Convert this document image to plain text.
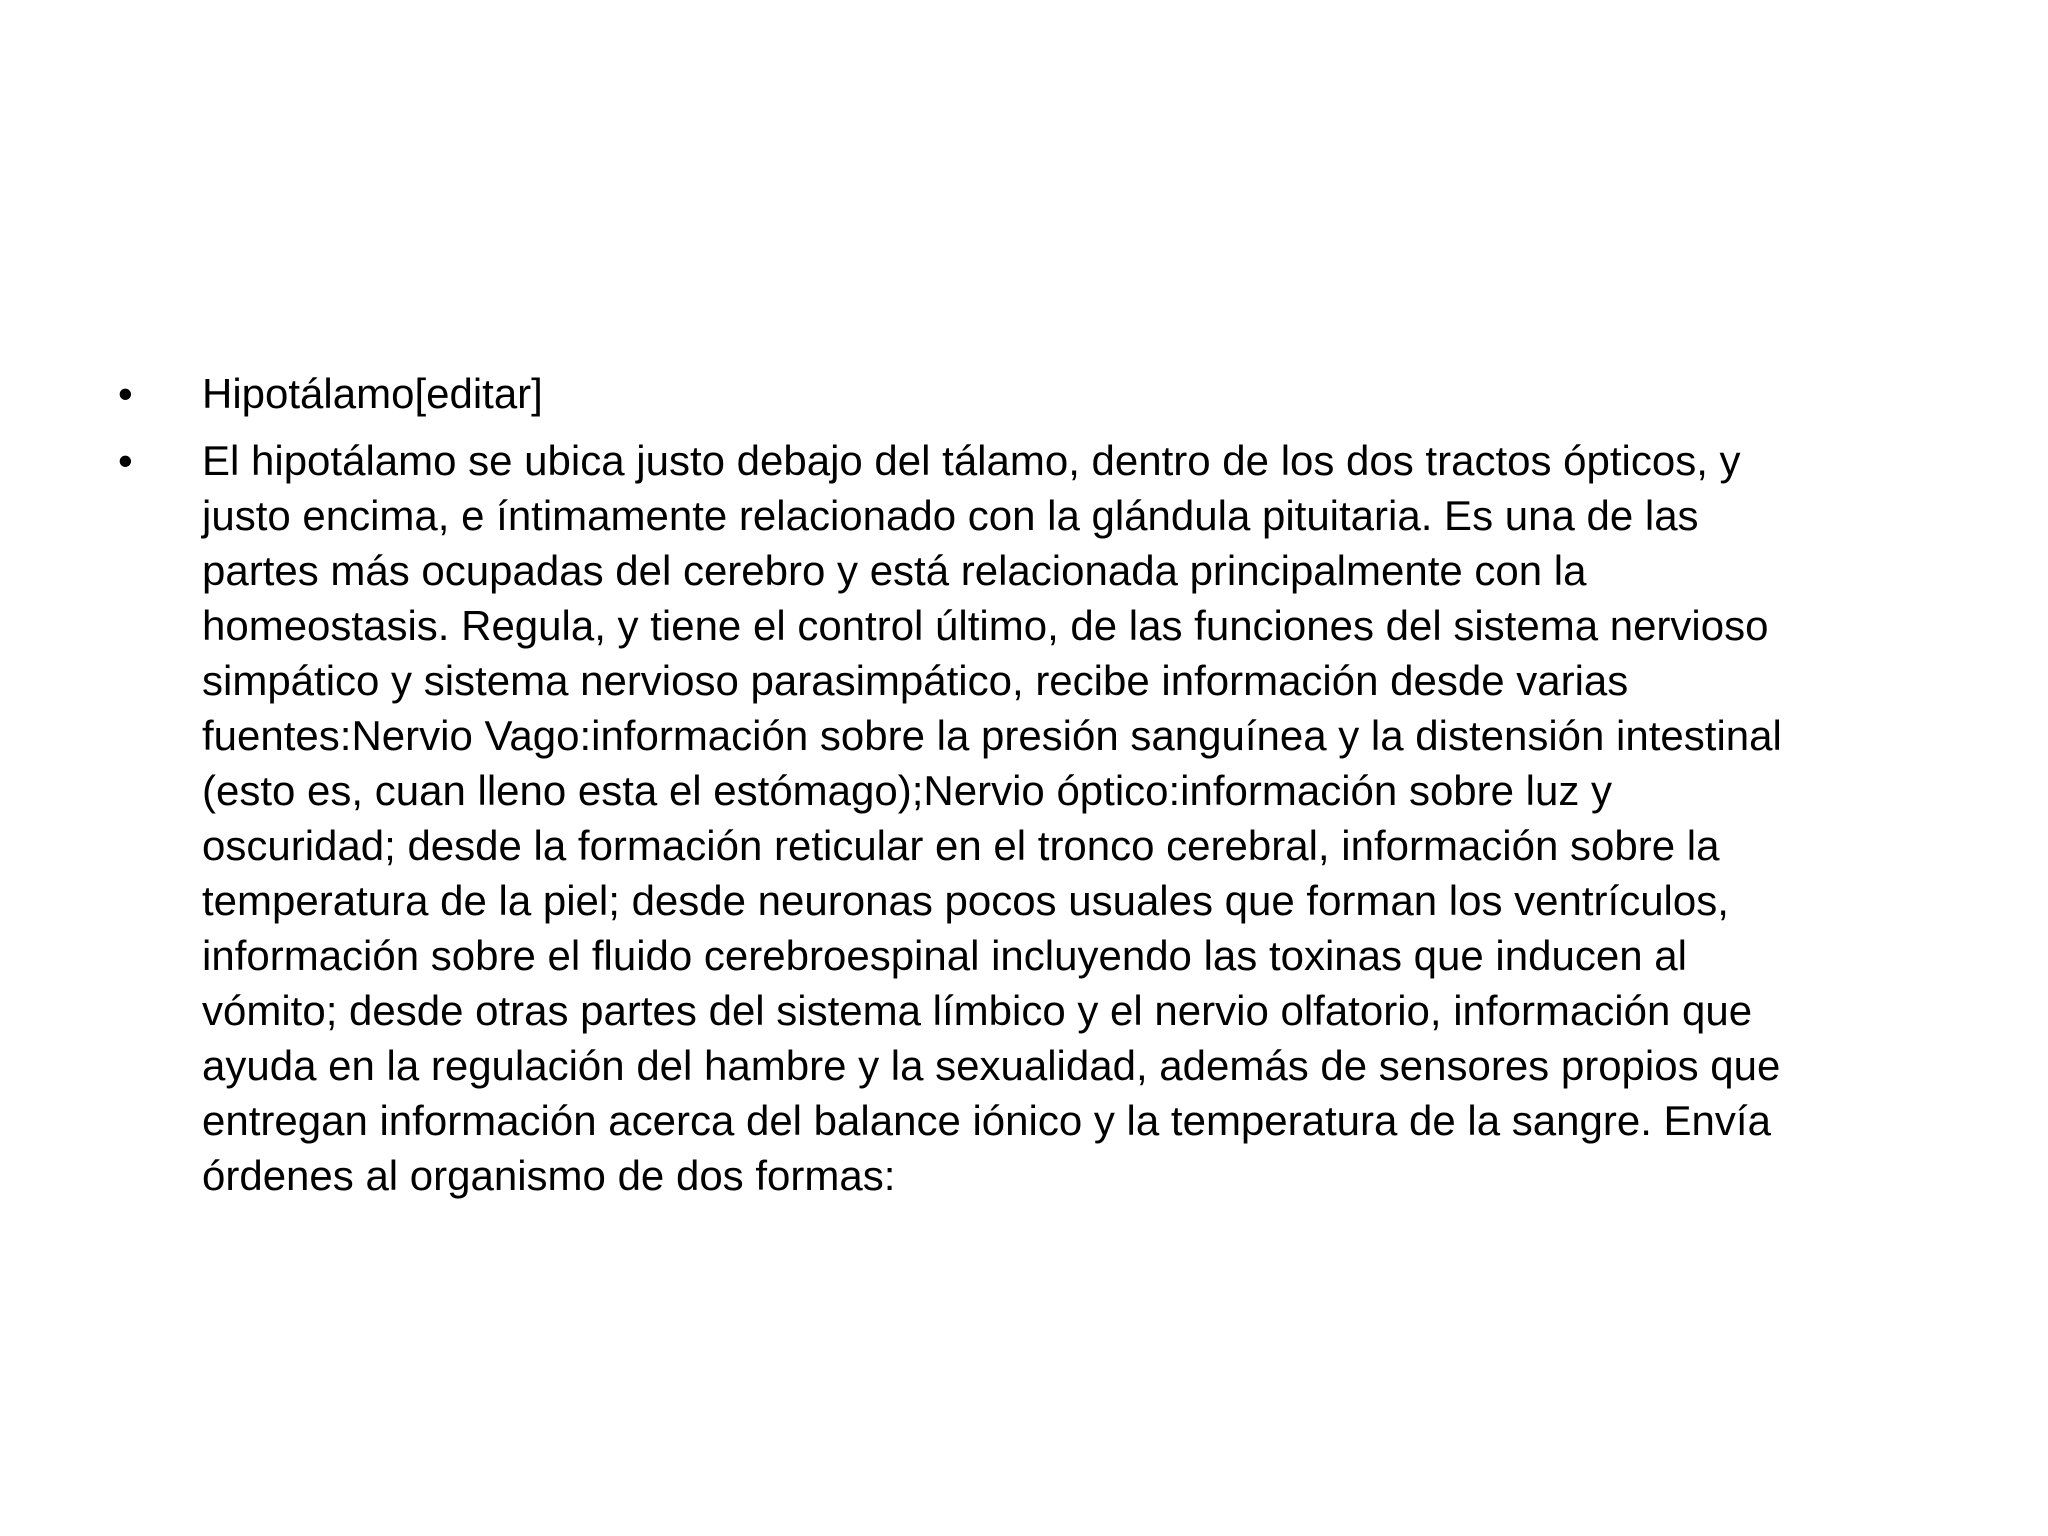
•	Hipotálamo[editar]
•	El hipotálamo se ubica justo debajo del tálamo, dentro de los dos tractos ópticos, y
justo encima, e íntimamente relacionado con la glándula pituitaria. Es una de las
partes más ocupadas del cerebro y está relacionada principalmente con la
homeostasis. Regula, y tiene el control último, de las funciones del sistema nervioso
simpático y sistema nervioso parasimpático, recibe información desde varias
fuentes:Nervio Vago:información sobre la presión sanguínea y la distensión intestinal
(esto es, cuan lleno esta el estómago);Nervio óptico:información sobre luz y
oscuridad; desde la formación reticular en el tronco cerebral, información sobre la
temperatura de la piel; desde neuronas pocos usuales que forman los ventrículos,
información sobre el fluido cerebroespinal incluyendo las toxinas que inducen al
vómito; desde otras partes del sistema límbico y el nervio olfatorio, información que
ayuda en la regulación del hambre y la sexualidad, además de sensores propios que
entregan información acerca del balance iónico y la temperatura de la sangre. Envía
órdenes al organismo de dos formas:
